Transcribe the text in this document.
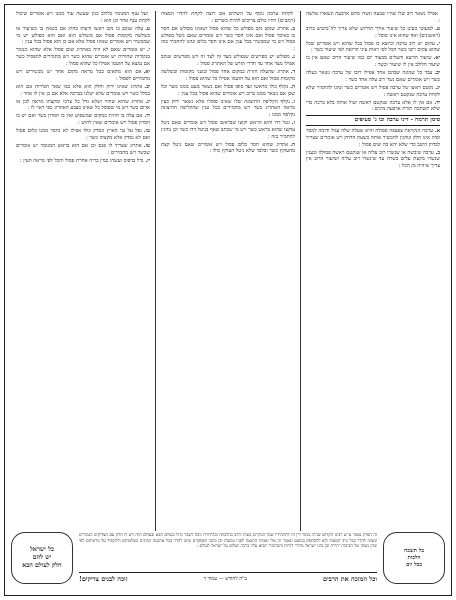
אפילו נשאר רוב שלו שהיו שבעה ונשרו מהם ארבעה ונשארו שלשה :

ט.למעוטי בעינן כל שיעור אורך הדרוש שלא צריך לה־ביטוש ברוב (ראשונים) ואף שהוא אינו פוסל :

י.עקום יש רוב ערבה וכיוצא בו פסול בכל שהוא ויש אומרים שכל שהוא עקום רובו כשר הכל לפי ראות עיני הרואה לפי שיעור כשר :

יא.שיעור הדשא והעלים מבעוד יום כמו שיעור הרוב שאם אין בו שיעור הלולב אין לו שיעור וכשר :

יב.עבד כל שמונה שבהם אחד אפילו רובו של ערבה נשאר בעלה כשר ויש אומרים שאם נשר רוב עלה אחד כשר :

יג.נקטם ראשו של ערבה פסול ויש אומרים כשר ונהגו להחמיר שלא לקחת ערבה שנקטם ראשה :

יד.אם אין לו אלא ערבה שנקטם ראשה יטול אותה בלא ברכה כדי שלא תשתכח תורת ארבעה מינים :

סימן תרמח - דיני ערבה ובו ג' סעיפים

א.ערבה הנקראת צפצפה פסולה והיא שעלה שלה עגול ודומה למסר ופיה אינו חלק ונוהגין להכשיר אותה בשעת הדחק ויש אומרים שצריך לבדוק היטב כדי שלא יהא בה שום פסול :

ב.ערבה שיבשה או שנשרו רוב עליה או שנקטם ראשה פסולה ובענין שנשרו מקצת עלים כשרה עד שינשרו רוב עליה ושיעור הרוב אין צריך שיהיה מן הכל :

לקחת ערבה נוסף על השתים אם רוצה לקחת להדר המצוה (רמב״ם) ויהיו כולם צריכים להיות כשרים :

ב.אתרוג שנקב נקב מפולש כל שהוא פסול ושאינו מפולש אם חסר בו כאיסר פסול ואם אינו חסר כשר ויש אומרים שאם ניטל מפולש פסול ויש מי שמכשיר בכל ענין אם אינו חסר כלום ונהגו להחמיר בזה :

ג.מפולש יש מפרשים שנפולש מצד זה לצד זה ויש מפרשים שנקב אפילו מצד אחד עד חדרי הזרע של האתרוג פסול :

ד.אתרוג שהעלה חזזית במקום אחד פסול ובשני מקומות ובשלשה מקומות פסול ואם הוא על חוטמו אפילו כל שהוא פסול :

ה.נקלף כולו מראשו ועד סופו פסול ואם נשאר מעט ממנו כשר וכל שכן אם נשאר ממנו ברוב ויש אומרים שהוא פסול בכל ענין :

ו.נקלף הקליפה החיצונה שלו שאינו פוסלו אלא נשאר ירוק כעין מראה האתרוג כשר ויש מחמירים בכל ענין שהקליפה החיצונה נקלפה ממנו :

ז.נטל דדו והוא הראש וקוצו שבראשו פסול ויש אומרים שאם ניטל עוקצו שהוא בראש כשר ויש מי שכתב שאף בניטל דדו כשר וכן נוהגין להחמיר בזה :

ח.אתרוג שהוא חסר כלום פסול ויש אומרים שאם ניטל קצת מהעוקץ כשר ובלבד שלא ניטל העוקץ כולו :

ועל ענף המנומר בלולב כגון שעשה עוד ממנו ויש אומרים שיכול לקחת ענף אחר וכן הוא :

ט.עלה שנקב בו נקב ראשו ודעתו בחוץ אם כשאין בו כשיעור או בשלשה מקומות פסול אם משולש הוא ואם הוא מפולש יש מי שמכשיר ויש אומרים שאינו פסול אלא אם כן הוא פסול בכל ענין :

י.יש אומרים שאם לא היה באתרוג שום פסול אלא שהוא מנומר בנקודות שחורות יש אומרים שהוא כשר ויש מחמירים להפסיל כשר אם נמצא על חוטמו אפילו כל שהוא פסול :

יא.אם הוא מתאים בכל מראה מקום אחד יש מכשירים ויש מחמירים לפסול :

יב.אתרוג שאינו ירוק וחלק הוא אלא כמו שאר הפירות אם הוא בכלל כשר ויש אומרים שלא יטלנו בברכה אלא אם כן אין לו אחר :

יג.אתרוג שהוא שחור ושלא גדל כל צרכו ומקצתו מראה לבן או אדום כשר ויש מי שפוסל כל שאינו בצבע האתרוג כפי ראוי לו :

יד.אם עלה בו חזזית במקום שמשפיע ואין בו חסרון כשר ואם יש בו חסרון פסול ויש אומרים שאין לחוש :

טו.נפל על גבי הארץ ונסדק כולו אפילו לא נחסר ממנו כלום פסול ואם לא נסדק אלא מקצתו כשר :

טז.אתרוג שצריך לו פגם וכן אם הוא בראש המנומר יש אומרים שכשר ויש מחמירים :

יז.גדל בדפוס ועשהו כמין בריה אחרת פסול והכל לפי מראה העין :

כל ישראל
יש להם
חלק לעולם הבא
זה הפרק נאמר ע"ש רבינו הקדוש שהיה מוסר דין זה לתלמידיו שכל המקיים מצות לולב כהלכתה ובהידורה זוכה לשכר גדול בעולם הבא ובעולם הזה ויש לו חלק עם הצדיקים הגמורים ומצוה להדר בכל מיני המצוה ולא להסתפק במועט ונאמר זה אלי ואנוהו התנאה לפניו במצות וכן כתבו הפוסקים שיש להדר בכל ארבעה המינים בשלמותם ולהקפיד על מראיתם לפי שהן מצוה של חביבות יתירה וכן נהגו ישראל מדורי דורות והמחמיר תבוא עליו ברכה ושלום על ישראל לעולם :
בל תשכח
הלכות
בכל יום
וכל המזכה את הרבים
ב"ה לחודש — עמוד ד
זוכה לבנים צדיקים!
